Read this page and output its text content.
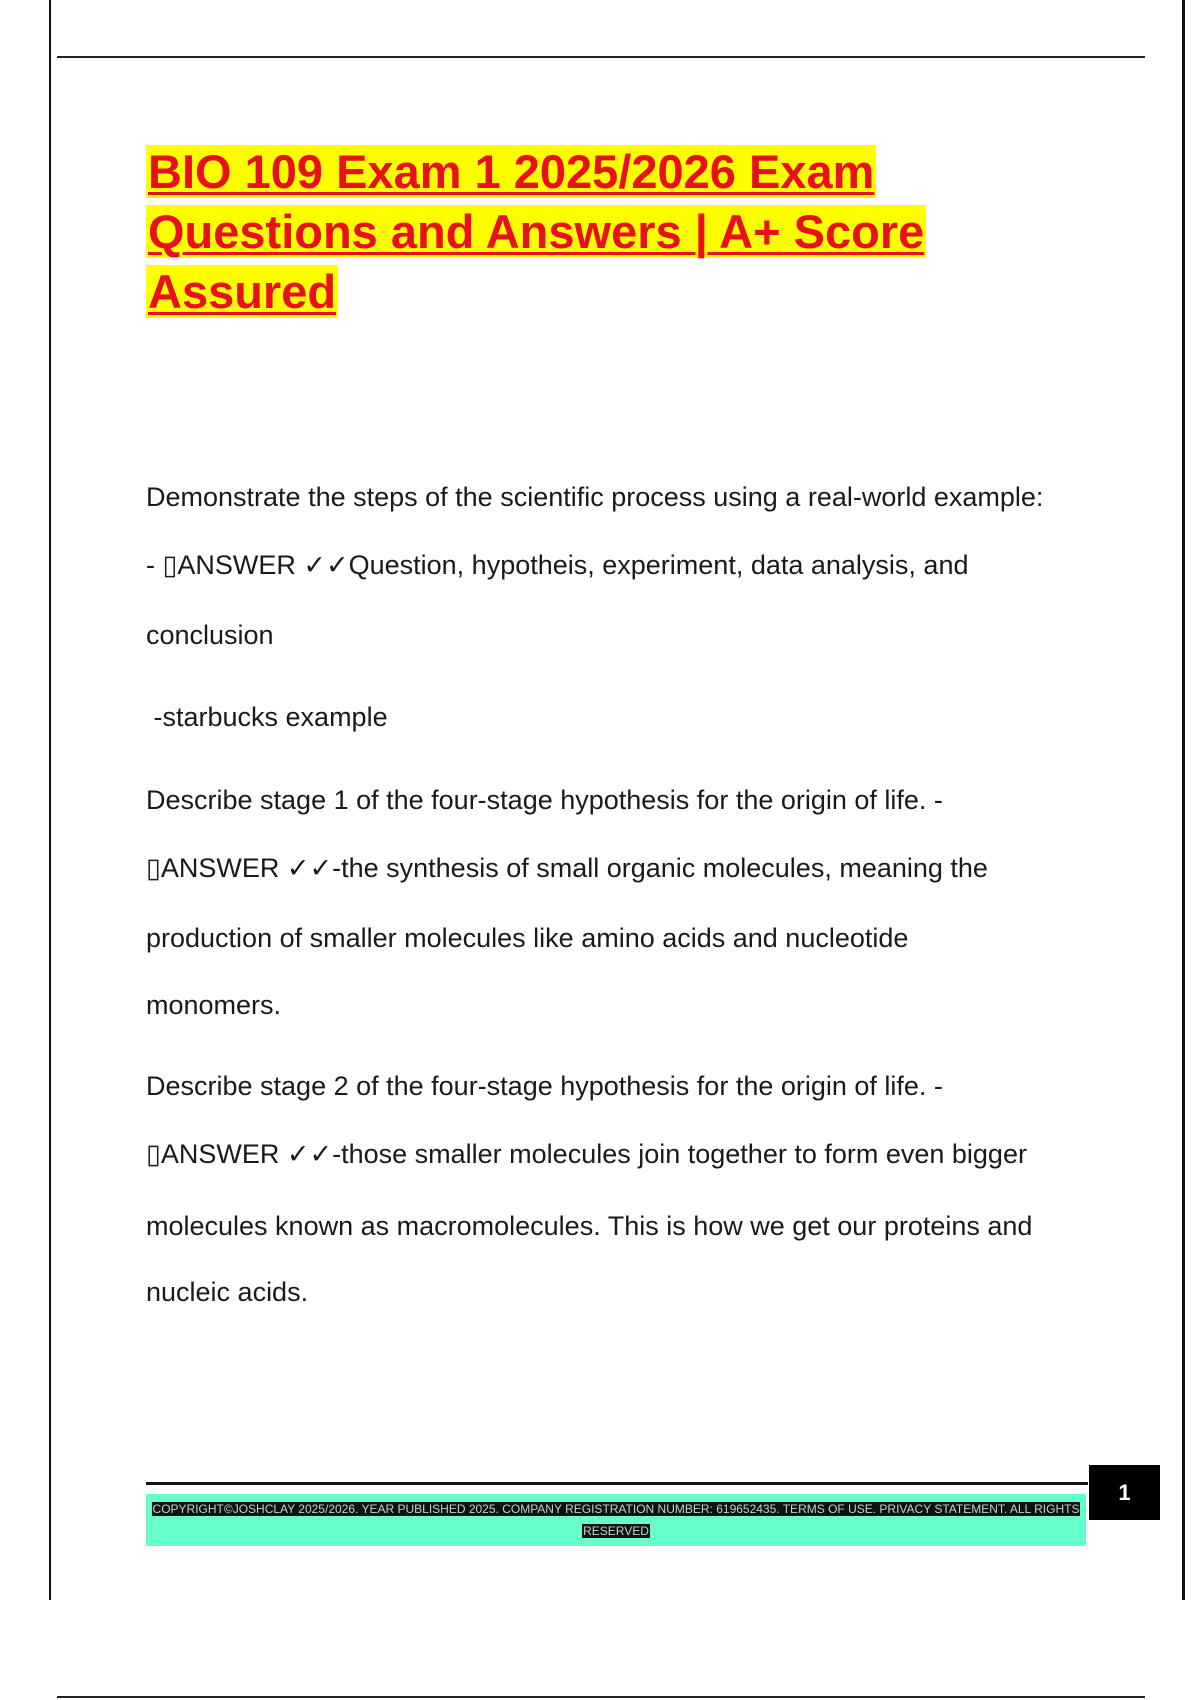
BIO 109 Exam 1 2025/2026 Exam Questions and Answers | A+ Score Assured
Demonstrate the steps of the scientific process using a real-world example:
- ▯ANSWER ✓✓Question, hypotheis, experiment, data analysis, and
conclusion
-starbucks example
Describe stage 1 of the four-stage hypothesis for the origin of life. -
▯ANSWER ✓✓-the synthesis of small organic molecules, meaning the
production of smaller molecules like amino acids and nucleotide
monomers.
Describe stage 2 of the four-stage hypothesis for the origin of life. -
▯ANSWER ✓✓-those smaller molecules join together to form even bigger
molecules known as macromolecules. This is how we get our proteins and
nucleic acids.
COPYRIGHT©JOSHCLAY 2025/2026. YEAR PUBLISHED 2025. COMPANY REGISTRATION NUMBER: 619652435. TERMS OF USE. PRIVACY STATEMENT. ALL RIGHTS RESERVED
1
